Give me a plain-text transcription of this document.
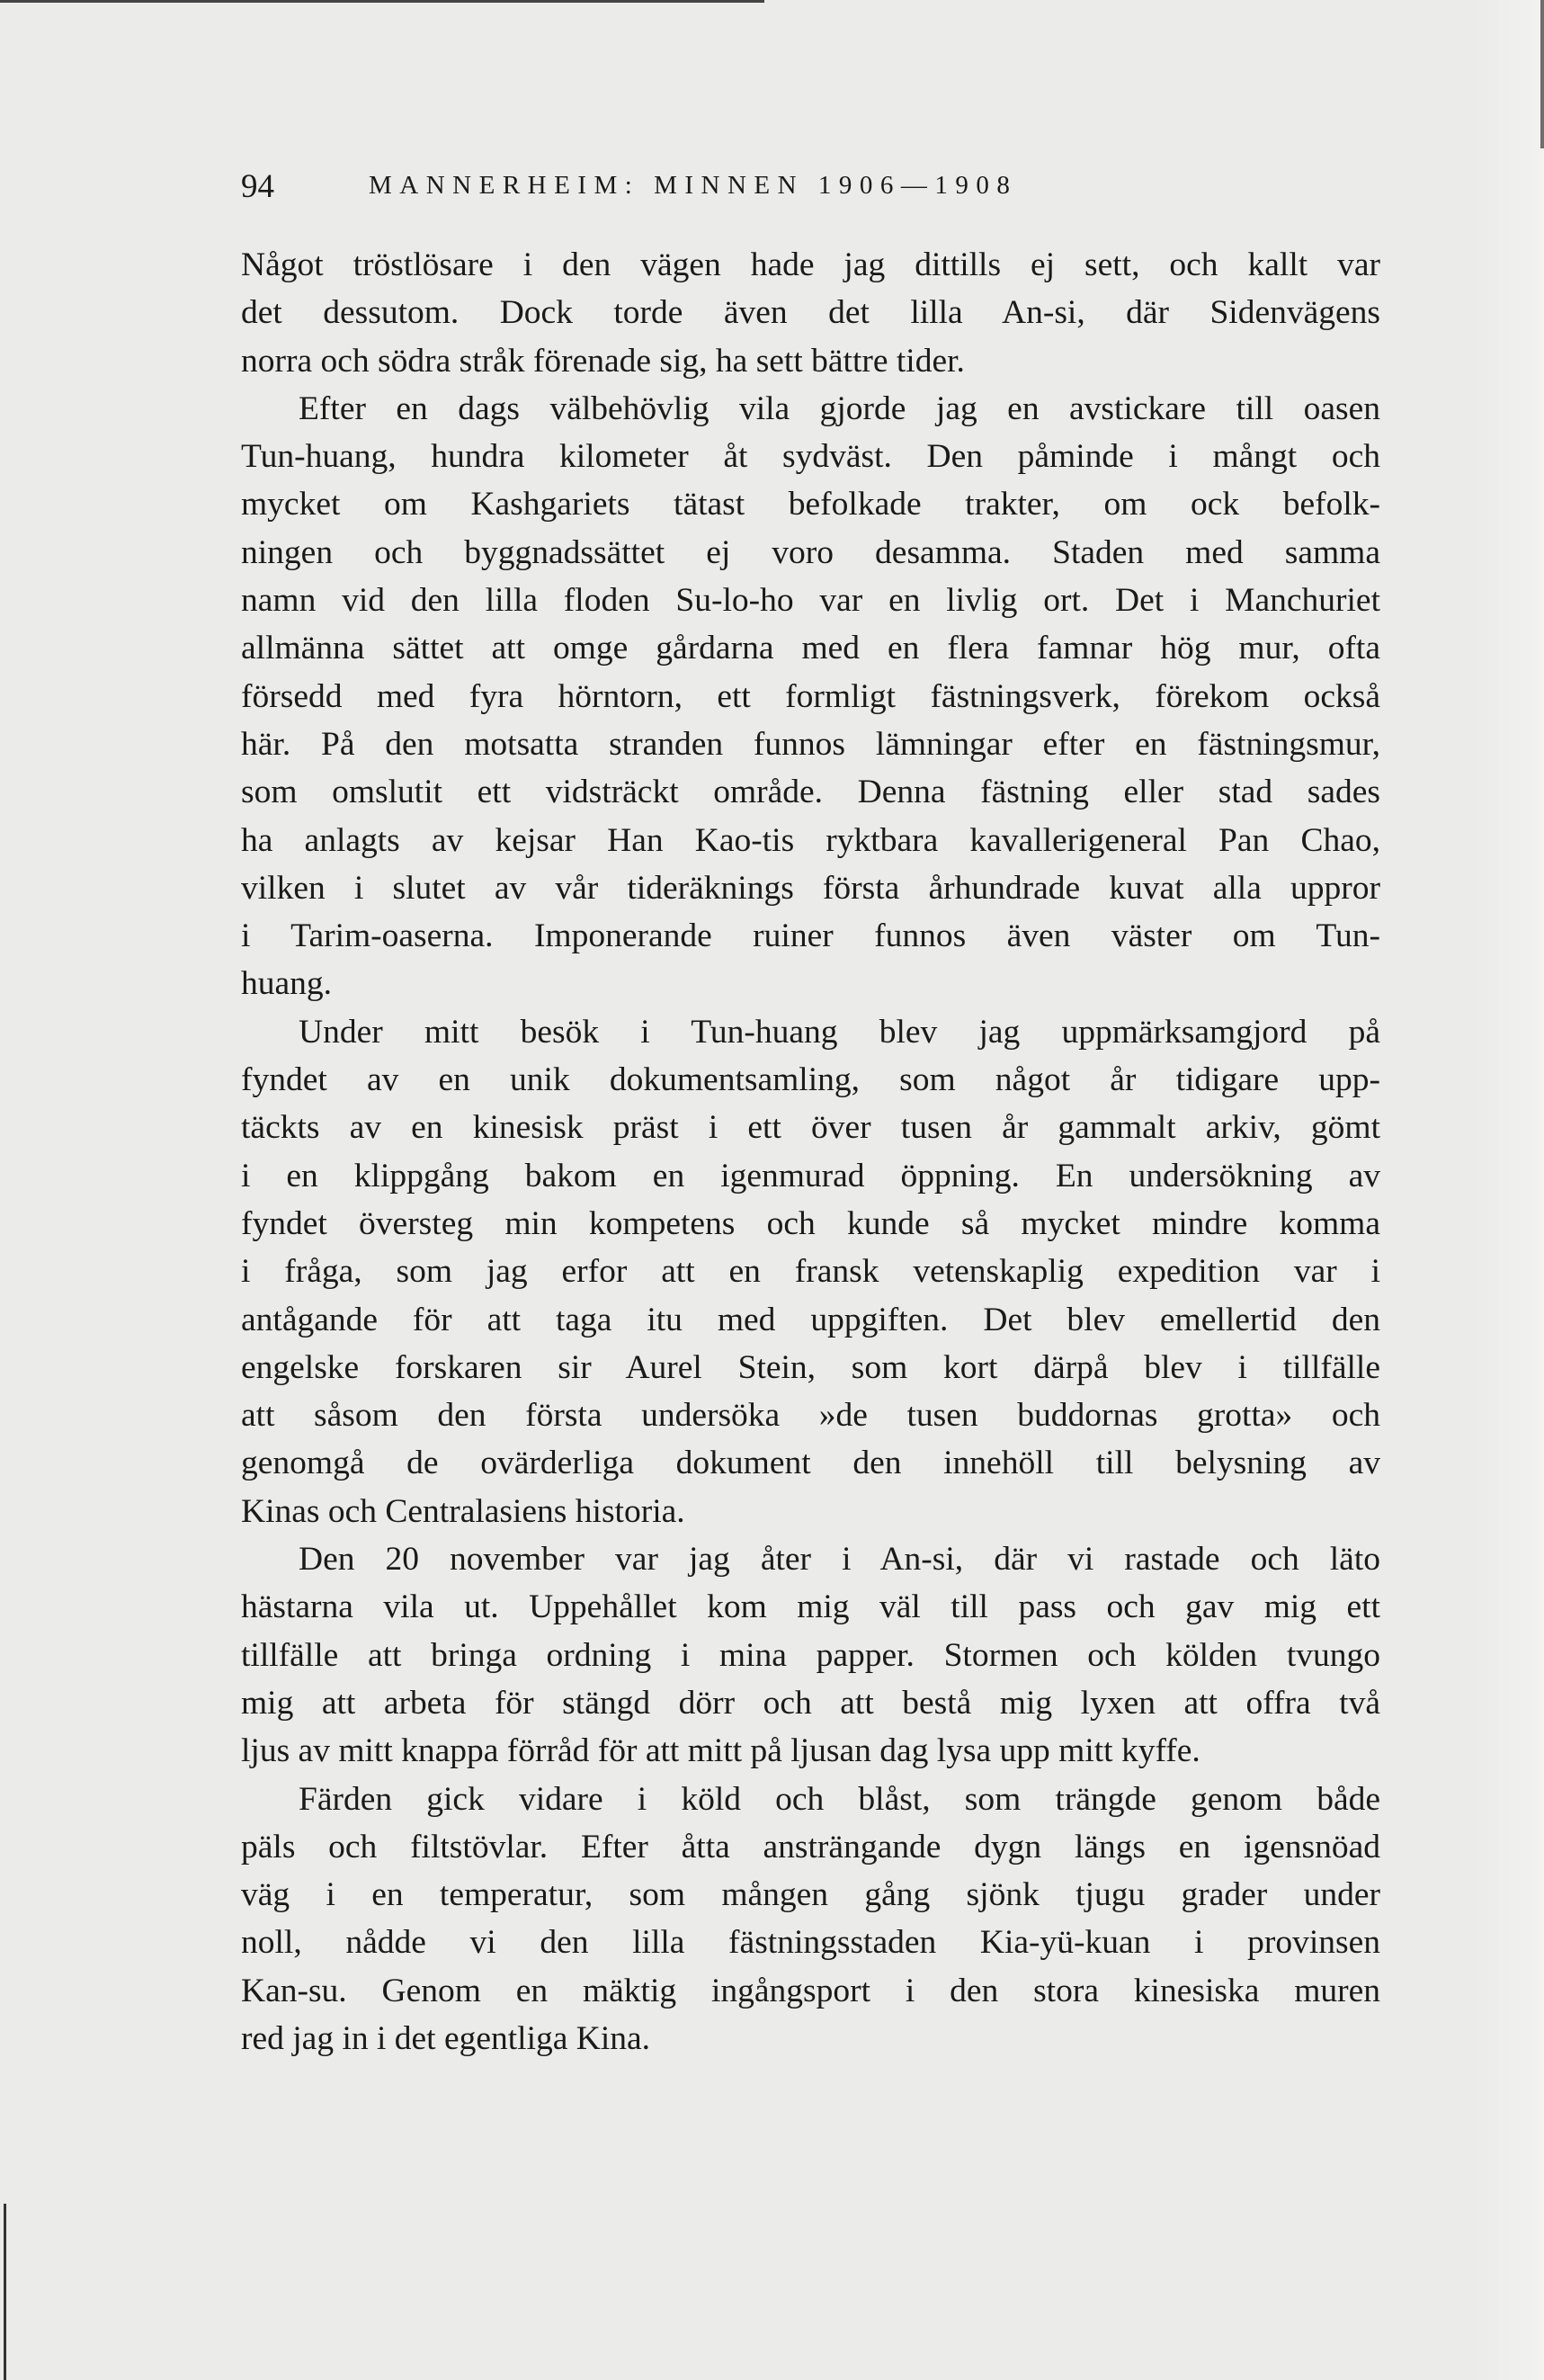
94	MANNERHEIM: MINNEN 1906—1908
Något tröstlösare i den vägen hade jag dittills ej sett, och kallt var
det dessutom. Dock torde även det lilla An-si, där Sidenvägens
norra och södra stråk förenade sig, ha sett bättre tider.
Efter en dags välbehövlig vila gjorde jag en avstickare till oasen
Tun-huang, hundra kilometer åt sydväst. Den påminde i mångt och
mycket om Kashgariets tätast befolkade trakter, om ock befolk-
ningen och byggnadssättet ej voro desamma. Staden med samma
namn vid den lilla floden Su-lo-ho var en livlig ort. Det i Manchuriet
allmänna sättet att omge gårdarna med en flera famnar hög mur, ofta
försedd med fyra hörntorn, ett formligt fästningsverk, förekom också
här. På den motsatta stranden funnos lämningar efter en fästningsmur,
som omslutit ett vidsträckt område. Denna fästning eller stad sades
ha anlagts av kejsar Han Kao-tis ryktbara kavallerigeneral Pan Chao,
vilken i slutet av vår tideräknings första århundrade kuvat alla uppror
i Tarim-oaserna. Imponerande ruiner funnos även väster om Tun-
huang.
Under mitt besök i Tun-huang blev jag uppmärksamgjord på
fyndet av en unik dokumentsamling, som något år tidigare upp-
täckts av en kinesisk präst i ett över tusen år gammalt arkiv, gömt
i en klippgång bakom en igenmurad öppning. En undersökning av
fyndet översteg min kompetens och kunde så mycket mindre komma
i fråga, som jag erfor att en fransk vetenskaplig expedition var i
antågande för att taga itu med uppgiften. Det blev emellertid den
engelske forskaren sir Aurel Stein, som kort därpå blev i tillfälle
att såsom den första undersöka »de tusen buddornas grotta» och
genomgå de ovärderliga dokument den innehöll till belysning av
Kinas och Centralasiens historia.
Den 20 november var jag åter i An-si, där vi rastade och läto
hästarna vila ut. Uppehållet kom mig väl till pass och gav mig ett
tillfälle att bringa ordning i mina papper. Stormen och kölden tvungo
mig att arbeta för stängd dörr och att bestå mig lyxen att offra två
ljus av mitt knappa förråd för att mitt på ljusan dag lysa upp mitt kyffe.
Färden gick vidare i köld och blåst, som trängde genom både
päls och filtstövlar. Efter åtta ansträngande dygn längs en igensnöad
väg i en temperatur, som mången gång sjönk tjugu grader under
noll, nådde vi den lilla fästningsstaden Kia-yü-kuan i provinsen
Kan-su. Genom en mäktig ingångsport i den stora kinesiska muren
red jag in i det egentliga Kina.
